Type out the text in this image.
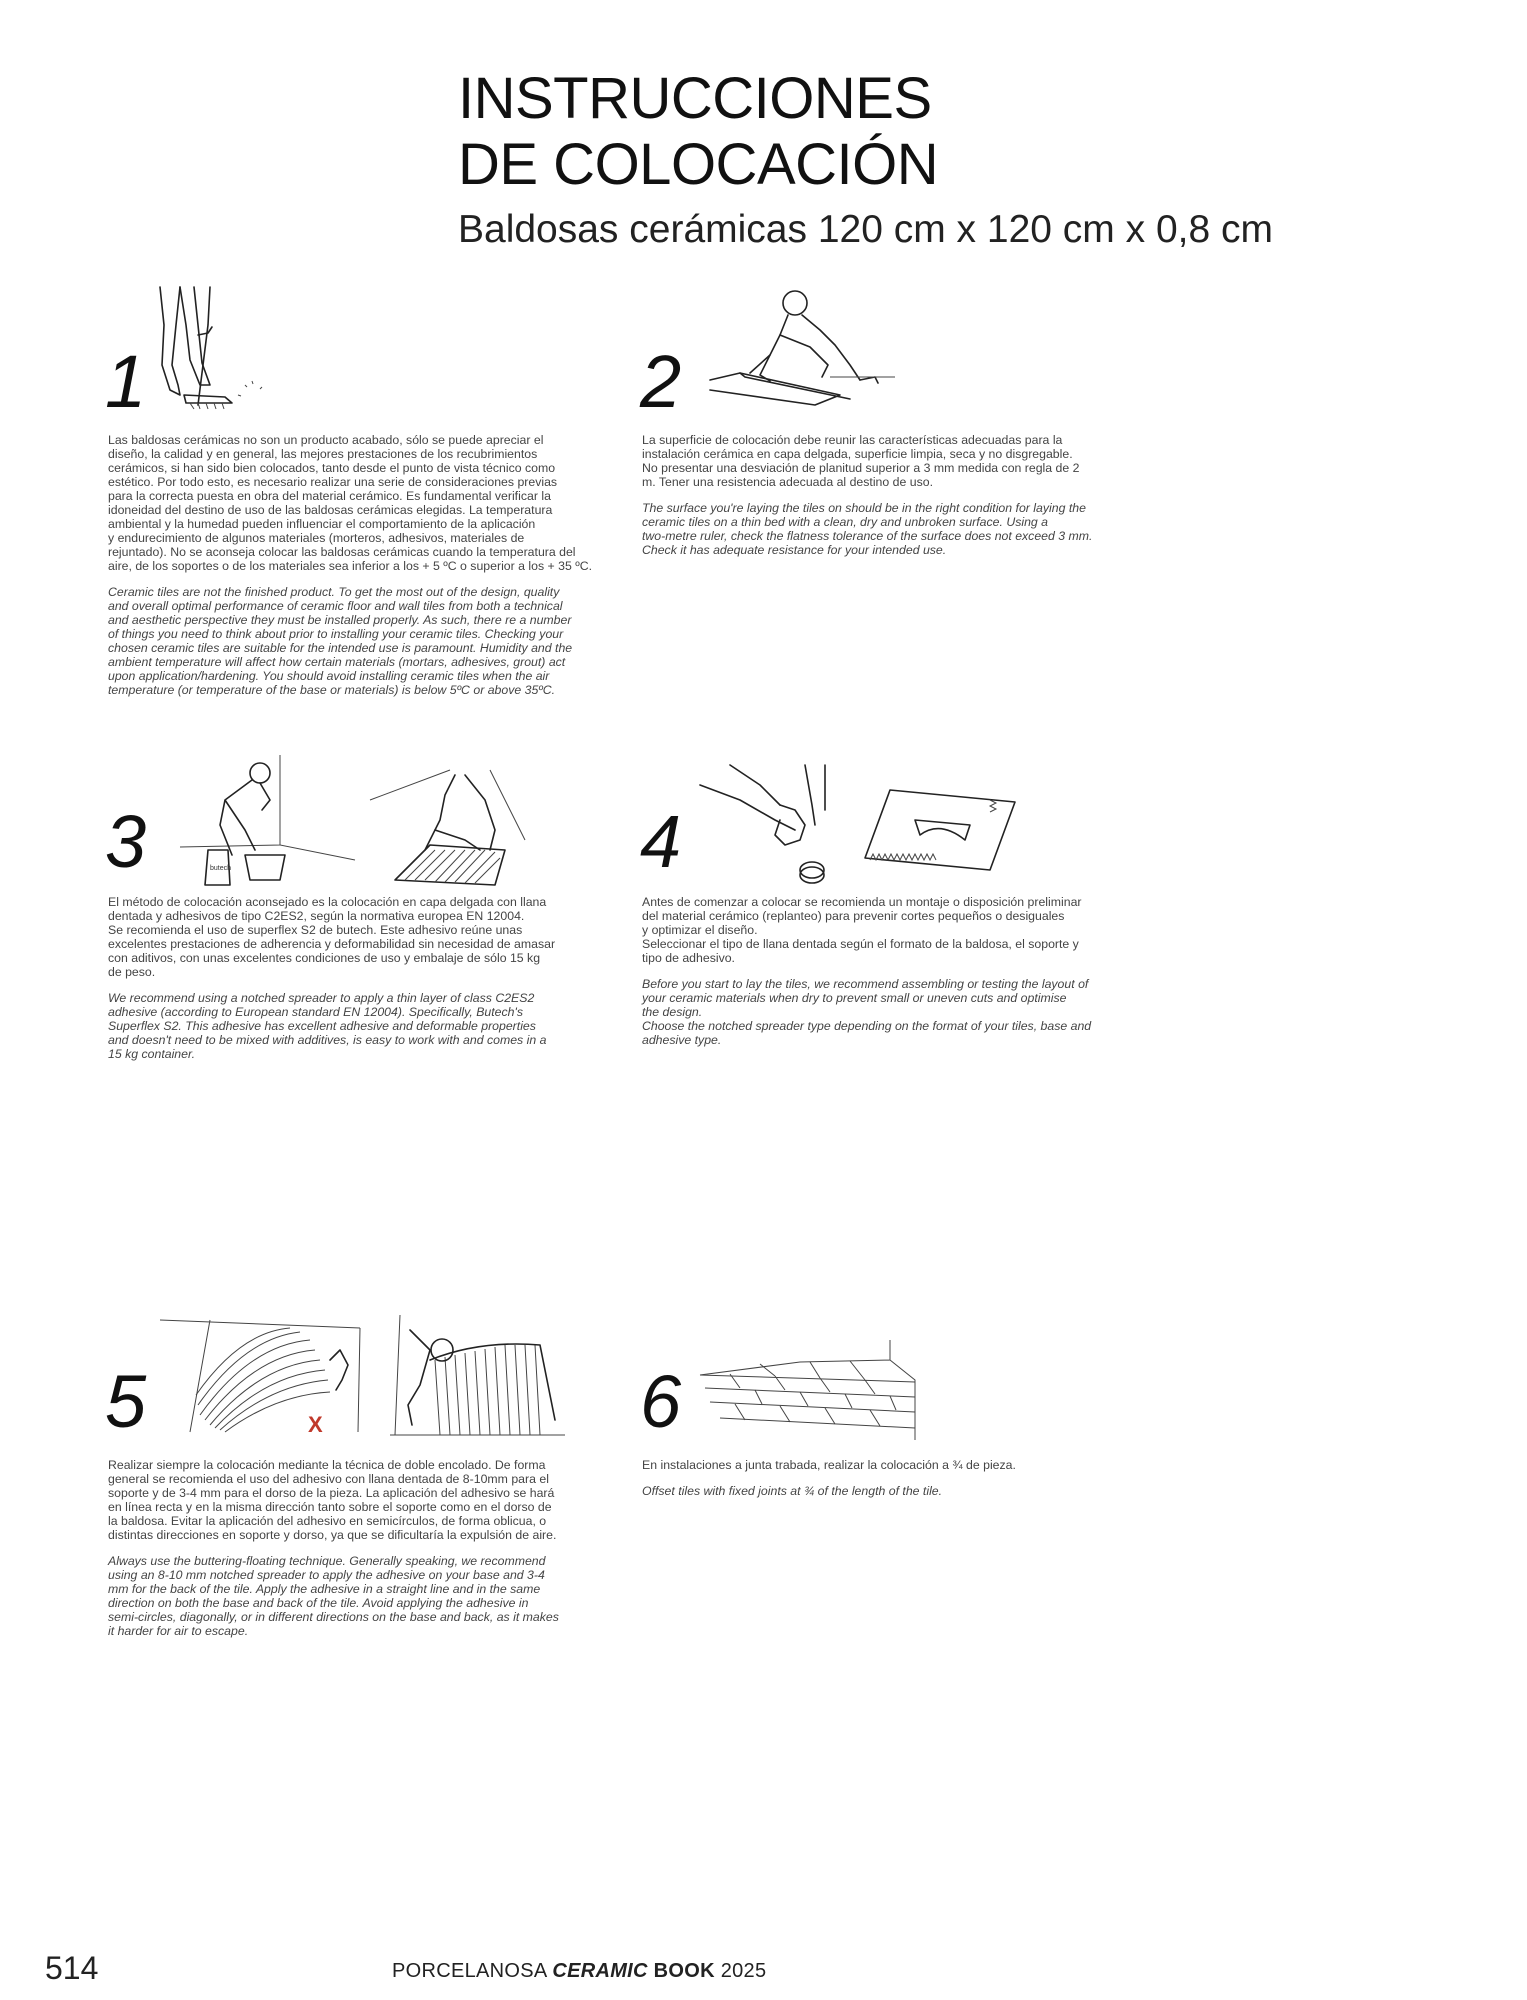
INSTRUCCIONES
DE COLOCACIÓN
Baldosas cerámicas 120 cm x 120 cm x 0,8 cm
1

Las baldosas cerámicas no son un producto acabado, sólo se puede apreciar el
diseño, la calidad y en general, las mejores prestaciones de los recubrimientos
cerámicos, si han sido bien colocados, tanto desde el punto de vista técnico como
estético. Por todo esto, es necesario realizar una serie de consideraciones previas
para la correcta puesta en obra del material cerámico. Es fundamental verificar la
idoneidad del destino de uso de las baldosas cerámicas elegidas. La temperatura
ambiental y la humedad pueden influenciar el comportamiento de la aplicación
y endurecimiento de algunos materiales (morteros, adhesivos, materiales de
rejuntado). No se aconseja colocar las baldosas cerámicas cuando la temperatura del
aire, de los soportes o de los materiales sea inferior a los + 5 ºC o superior a los + 35 ºC.

Ceramic tiles are not the finished product. To get the most out of the design, quality
and overall optimal performance of ceramic floor and wall tiles from both a technical
and aesthetic perspective they must be installed properly. As such, there re a number
of things you need to think about prior to installing your ceramic tiles. Checking your
chosen ceramic tiles are suitable for the intended use is paramount. Humidity and the
ambient temperature will affect how certain materials (mortars, adhesives, grout) act
upon application/hardening. You should avoid installing ceramic tiles when the air
temperature (or temperature of the base or materials) is below 5ºC or above 35ºC.

2

La superficie de colocación debe reunir las características adecuadas para la
instalación cerámica en capa delgada, superficie limpia, seca y no disgregable.
No presentar una desviación de planitud superior a 3 mm medida con regla de 2
m. Tener una resistencia adecuada al destino de uso.

The surface you're laying the tiles on should be in the right condition for laying the
ceramic tiles on a thin bed with a clean, dry and unbroken surface. Using a
two-metre ruler, check the flatness tolerance of the surface does not exceed 3 mm.
Check it has adequate resistance for your intended use.

3	butech

El método de colocación aconsejado es la colocación en capa delgada con llana
dentada y adhesivos de tipo C2ES2, según la normativa europea EN 12004.
Se recomienda el uso de superflex S2 de butech. Este adhesivo reúne unas
excelentes prestaciones de adherencia y deformabilidad sin necesidad de amasar
con aditivos, con unas excelentes condiciones de uso y embalaje de sólo 15 kg
de peso.

We recommend using a notched spreader to apply a thin layer of class C2ES2
adhesive (according to European standard EN 12004). Specifically, Butech's
Superflex S2. This adhesive has excellent adhesive and deformable properties
and doesn't need to be mixed with additives, is easy to work with and comes in a
15 kg container.

4

Antes de comenzar a colocar se recomienda un montaje o disposición preliminar
del material cerámico (replanteo) para prevenir cortes pequeños o desiguales
y optimizar el diseño.
Seleccionar el tipo de llana dentada según el formato de la baldosa, el soporte y
tipo de adhesivo.

Before you start to lay the tiles, we recommend assembling or testing the layout of
your ceramic materials when dry to prevent small or uneven cuts and optimise
the design.
Choose the notched spreader type depending on the format of your tiles, base and
adhesive type.

5	X

Realizar siempre la colocación mediante la técnica de doble encolado. De forma
general se recomienda el uso del adhesivo con llana dentada de 8-10mm para el
soporte y de 3-4 mm para el dorso de la pieza. La aplicación del adhesivo se hará
en línea recta y en la misma dirección tanto sobre el soporte como en el dorso de
la baldosa. Evitar la aplicación del adhesivo en semicírculos, de forma oblicua, o
distintas direcciones en soporte y dorso, ya que se dificultaría la expulsión de aire.

Always use the buttering-floating technique. Generally speaking, we recommend
using an 8-10 mm notched spreader to apply the adhesive on your base and 3-4
mm for the back of the tile. Apply the adhesive in a straight line and in the same
direction on both the base and back of the tile. Avoid applying the adhesive in
semi-circles, diagonally, or in different directions on the base and back, as it makes
it harder for air to escape.

6

En instalaciones a junta trabada, realizar la colocación a ¾ de pieza.

Offset tiles with fixed joints at ¾ of the length of the tile.

514	PORCELANOSA CERAMIC BOOK 2025
